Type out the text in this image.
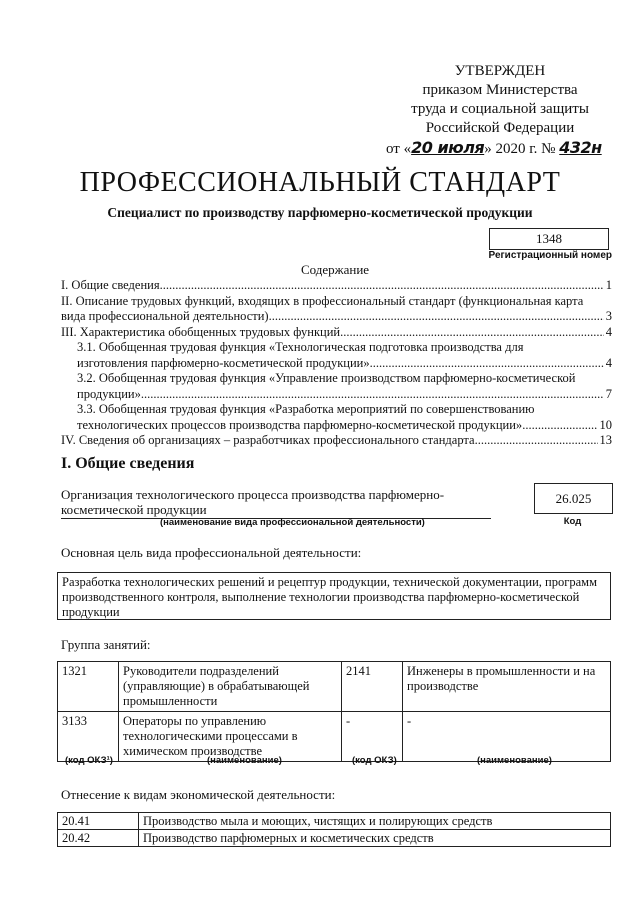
УТВЕРЖДЕН
приказом Министерства
труда и социальной защиты
Российской Федерации
от «20 июля» 2020 г. № 432н
ПРОФЕССИОНАЛЬНЫЙ СТАНДАРТ
Специалист по производству парфюмерно-косметической продукции
1348
Регистрационный номер
Содержание
I. Общие сведения .....	1
II. Описание трудовых функций, входящих в профессиональный стандарт (функциональная карта
вида профессиональной деятельности) .....	3
III. Характеристика обобщенных трудовых функций .....	4
3.1. Обобщенная трудовая функция «Технологическая подготовка производства для
изготовления парфюмерно-косметической продукции» .....	4
3.2. Обобщенная трудовая функция «Управление производством парфюмерно-косметической
продукции» .....	7
3.3. Обобщенная трудовая функция «Разработка мероприятий по совершенствованию
технологических процессов производства парфюмерно-косметической продукции» .....	10
IV. Сведения об организациях – разработчиках профессионального стандарта .....	13
I. Общие сведения
Организация технологического процесса производства парфюмерно-косметической продукции
26.025
(наименование вида профессиональной деятельности)	Код
Основная цель вида профессиональной деятельности:
Разработка технологических решений и рецептур продукции, технической документации, программ производственного контроля, выполнение технологии производства парфюмерно-косметической продукции
Группа занятий:
1321	Руководители подразделений (управляющие) в обрабатывающей промышленности	2141	Инженеры в промышленности и на производстве
3133	Операторы по управлению технологическими процессами в химическом производстве	-	-
(код ОКЗ¹)	(наименование)	(код ОКЗ)	(наименование)
Отнесение к видам экономической деятельности:
20.41	Производство мыла и моющих, чистящих и полирующих средств
20.42	Производство парфюмерных и косметических средств
